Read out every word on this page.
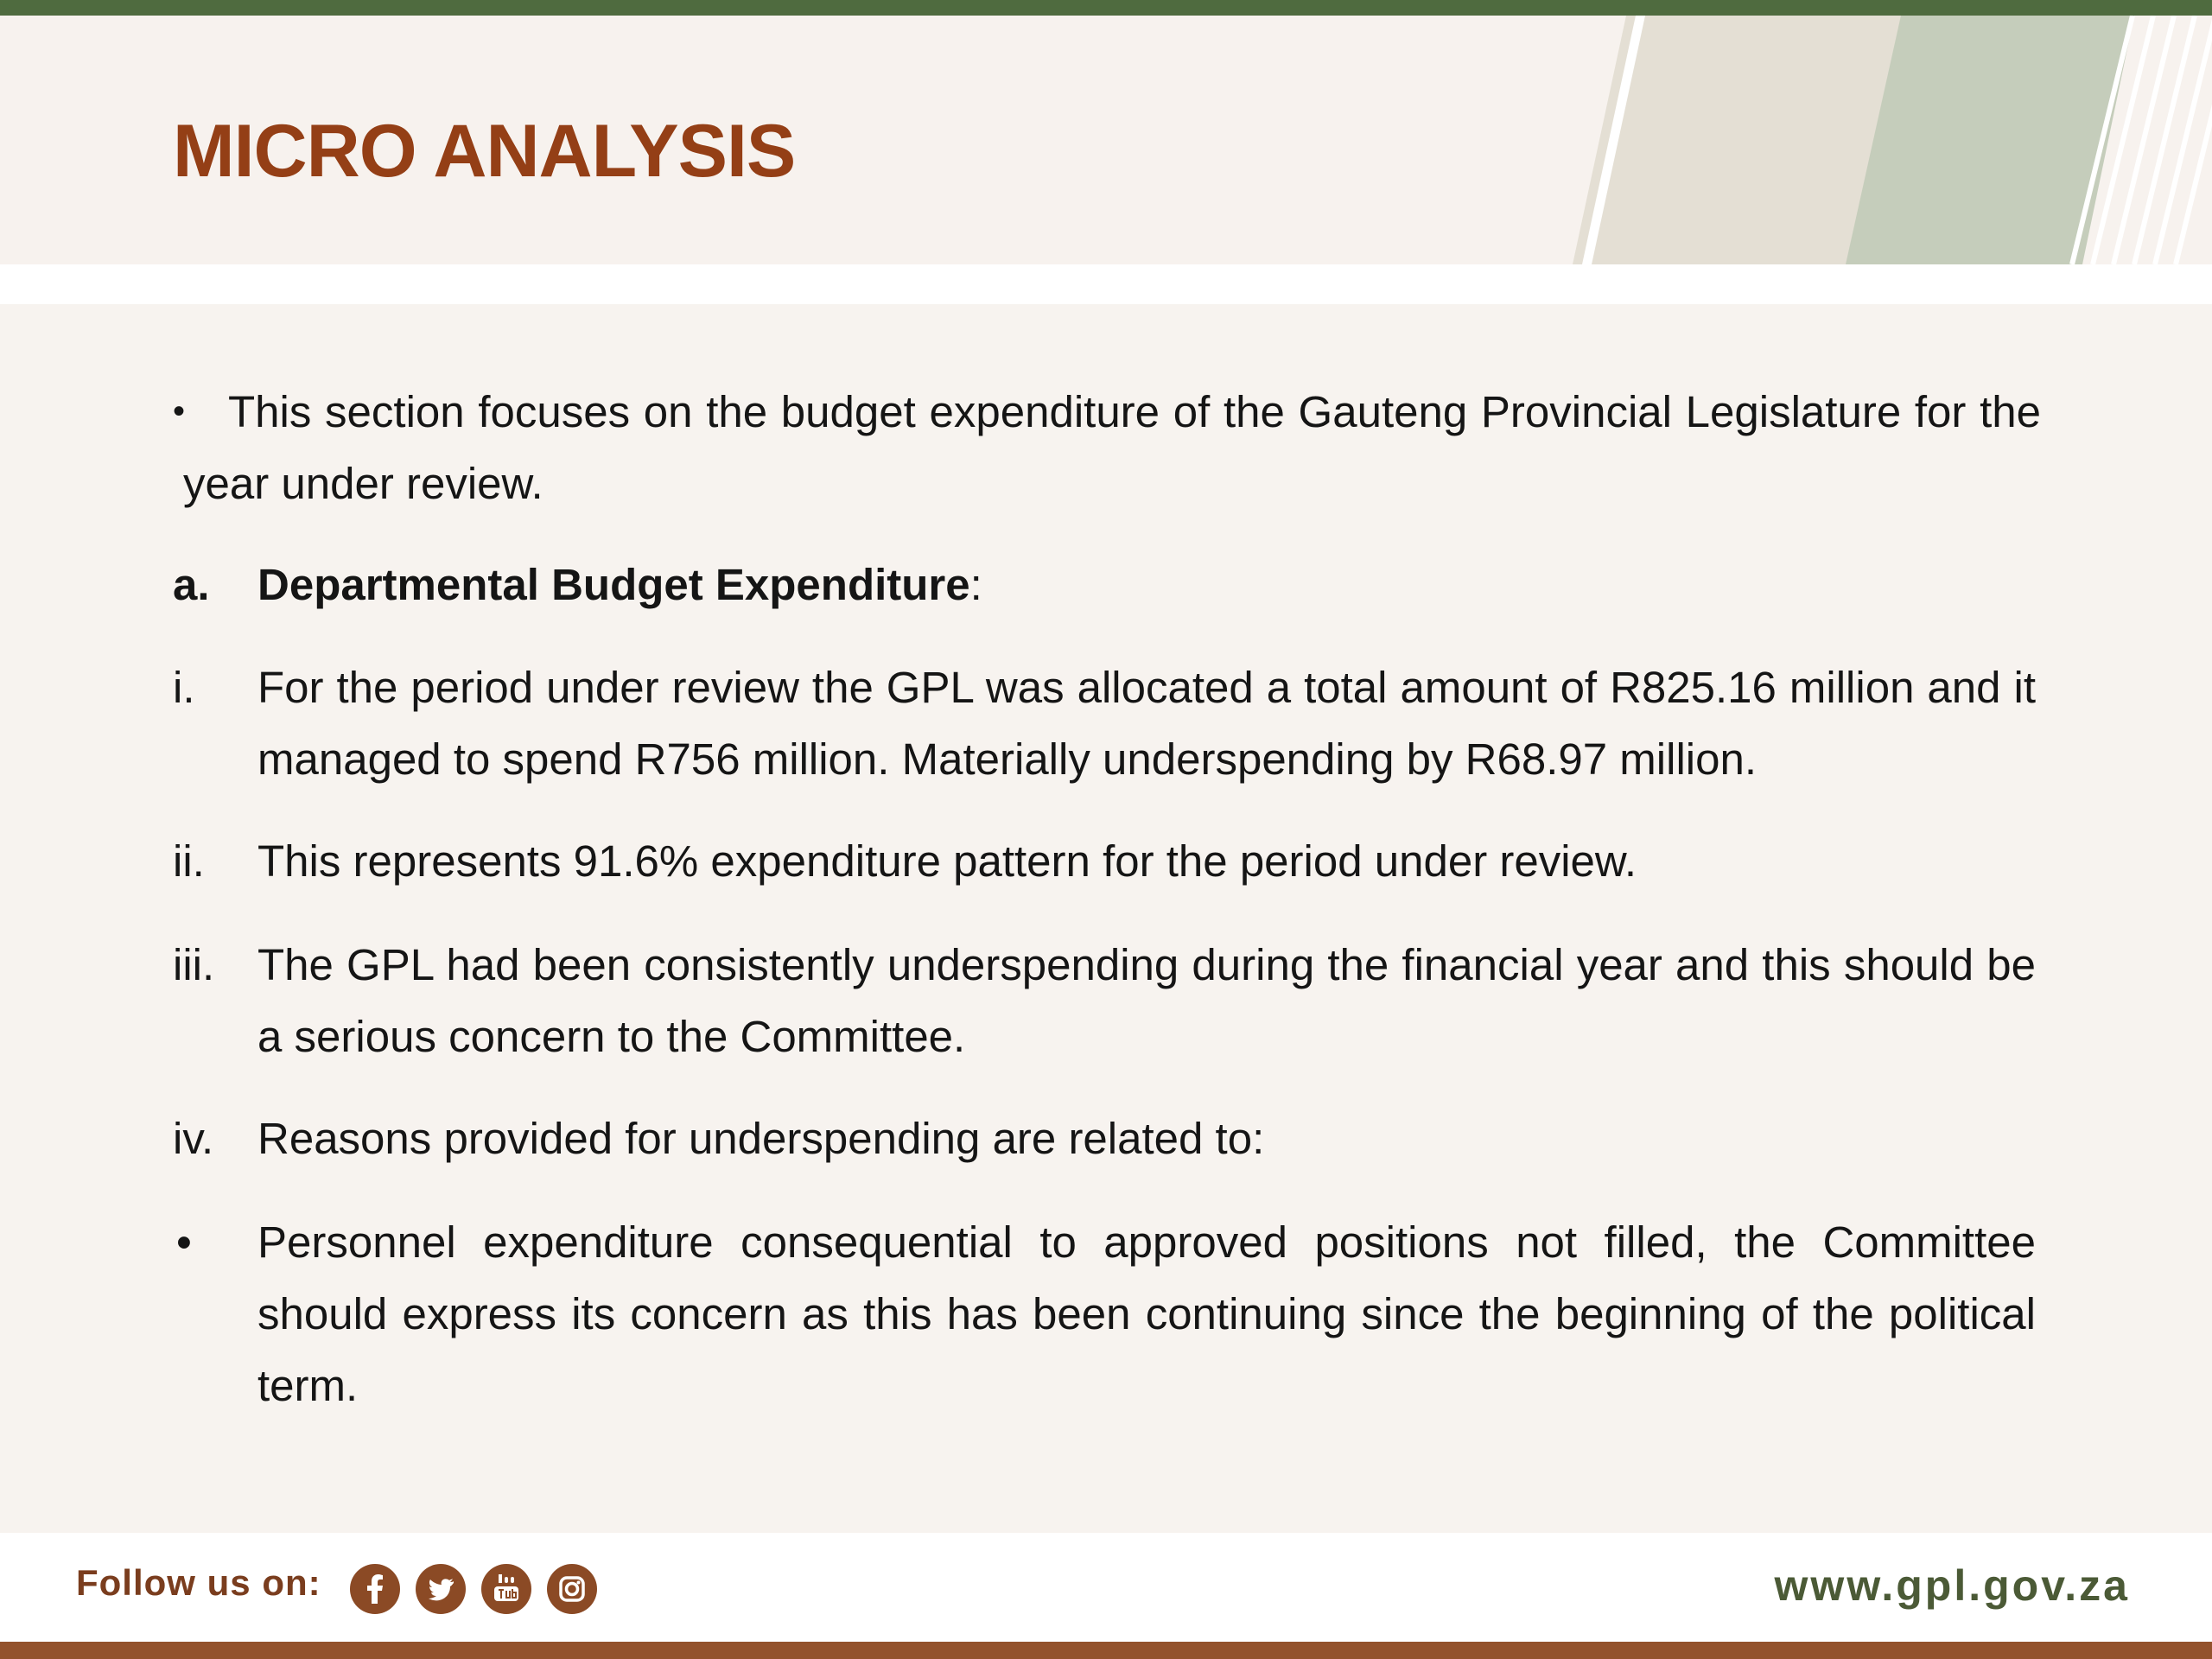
MICRO ANALYSIS
• This section focuses on the budget expenditure of the Gauteng Provincial Legislature for the year under review.
a. Departmental Budget Expenditure:
i. For the period under review the GPL was allocated a total amount of R825.16 million and it managed to spend R756 million. Materially underspending by R68.97 million.
ii. This represents 91.6% expenditure pattern for the period under review.
iii. The GPL had been consistently underspending during the financial year and this should be a serious concern to the Committee.
iv. Reasons provided for underspending are related to:
• Personnel expenditure consequential to approved positions not filled, the Committee should express its concern as this has been continuing since the beginning of the political term.
Follow us on:	www.gpl.gov.za
